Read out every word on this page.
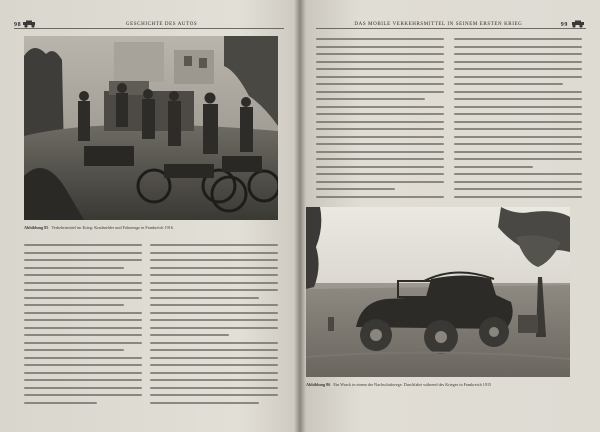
98	GESCHICHTE DES AUTOS
Abbildung 85 Verkehrsmittel im Krieg: Kradmelder und Fahrzeuge in Frankreich 1916
DAS MOBILE VERKEHRSMITTEL IN SEINEM ERSTEN KRIEG	99
Abbildung 86 Ein Wrack in einem der Nachschubwege. Durchfahrt während des Krieges in Frankreich 1915
